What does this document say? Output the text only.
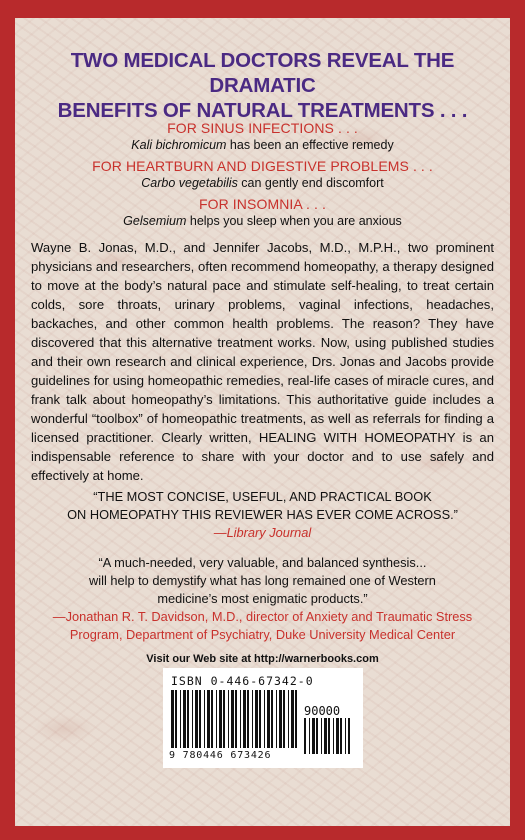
TWO MEDICAL DOCTORS REVEAL THE DRAMATIC
BENEFITS OF NATURAL TREATMENTS . . .
FOR SINUS INFECTIONS . . .
Kali bichromicum has been an effective remedy
FOR HEARTBURN AND DIGESTIVE PROBLEMS . . .
Carbo vegetabilis can gently end discomfort
FOR INSOMNIA . . .
Gelsemium helps you sleep when you are anxious

Wayne B. Jonas, M.D., and Jennifer Jacobs, M.D., M.P.H., two prominent physicians and researchers, often recommend homeopathy, a therapy designed to move at the body’s natural pace and stimulate self-healing, to treat certain colds, sore throats, urinary problems, vaginal infections, headaches, backaches, and other common health problems. The reason? They have discovered that this alternative treatment works. Now, using published studies and their own research and clinical experience, Drs. Jonas and Jacobs provide guidelines for using homeopathic remedies, real-life cases of miracle cures, and frank talk about homeopathy’s limitations. This authoritative guide includes a wonderful “toolbox” of homeopathic treatments, as well as referrals for finding a licensed practitioner. Clearly written, HEALING WITH HOMEOPATHY is an indispensable reference to share with your doctor and to use safely and effectively at home.

“THE MOST CONCISE, USEFUL, AND PRACTICAL BOOK
ON HOMEOPATHY THIS REVIEWER HAS EVER COME ACROSS.”
—Library Journal
“A much-needed, very valuable, and balanced synthesis...
will help to demystify what has long remained one of Western
medicine’s most enigmatic products.”
—Jonathan R. T. Davidson, M.D., director of Anxiety and Traumatic Stress
Program, Department of Psychiatry, Duke University Medical Center
Visit our Web site at http://warnerbooks.com
ISBN 0-446-67342-0
90000
9 780446 673426
